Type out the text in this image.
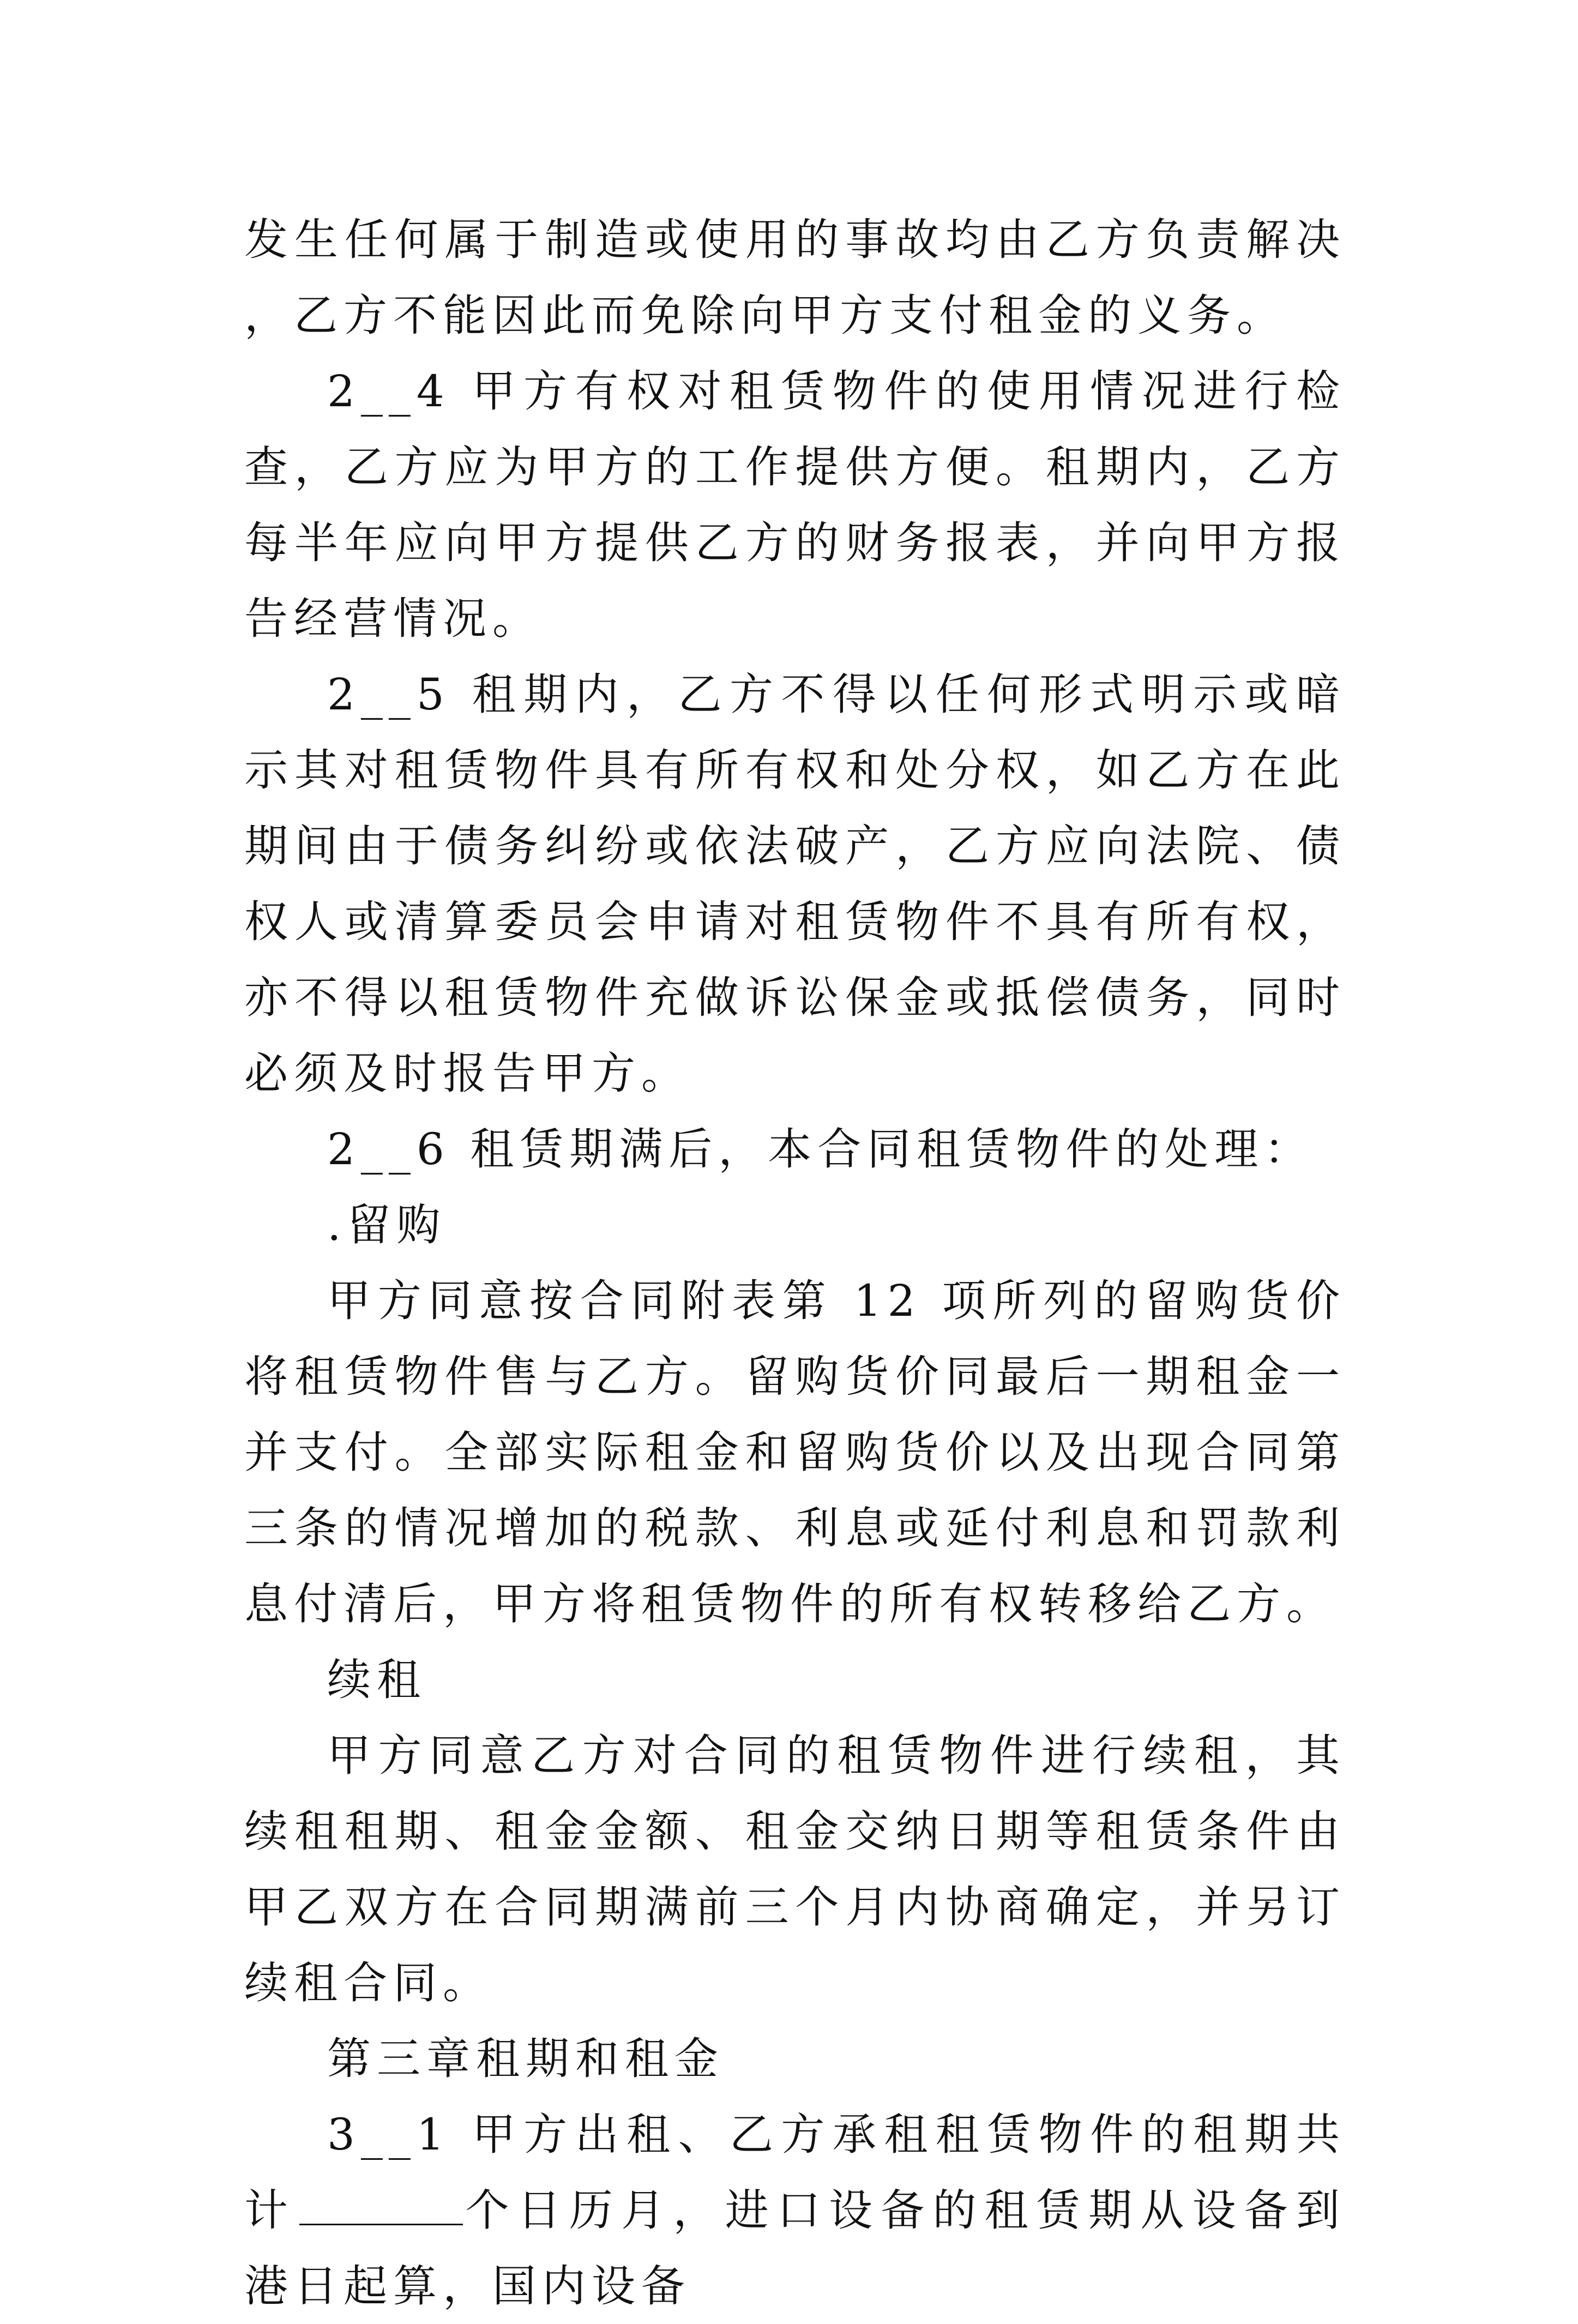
发生任何属于制造或使用的事故均由乙方负责解决，乙方不能因此而免除向甲方支付租金的义务。

2__4 甲方有权对租赁物件的使用情况进行检查，乙方应为甲方的工作提供方便。租期内，乙方每半年应向甲方提供乙方的财务报表，并向甲方报告经营情况。

2__5 租期内，乙方不得以任何形式明示或暗示其对租赁物件具有所有权和处分权，如乙方在此期间由于债务纠纷或依法破产，乙方应向法院、债权人或清算委员会申请对租赁物件不具有所有权，亦不得以租赁物件充做诉讼保金或抵偿债务，同时必须及时报告甲方。

2__6 租赁期满后，本合同租赁物件的处理：

.留购

甲方同意按合同附表第 12 项所列的留购货价将租赁物件售与乙方。留购货价同最后一期租金一并支付。全部实际租金和留购货价以及出现合同第三条的情况增加的税款、利息或延付利息和罚款利息付清后，甲方将租赁物件的所有权转移给乙方。

续租

甲方同意乙方对合同的租赁物件进行续租，其续租租期、租金金额、租金交纳日期等租赁条件由甲乙双方在合同期满前三个月内协商确定，并另订续租合同。

第三章租期和租金

3__1 甲方出租、乙方承租租赁物件的租期共计	个日历月，进口设备的租赁期从设备到港日起算，国内设备
